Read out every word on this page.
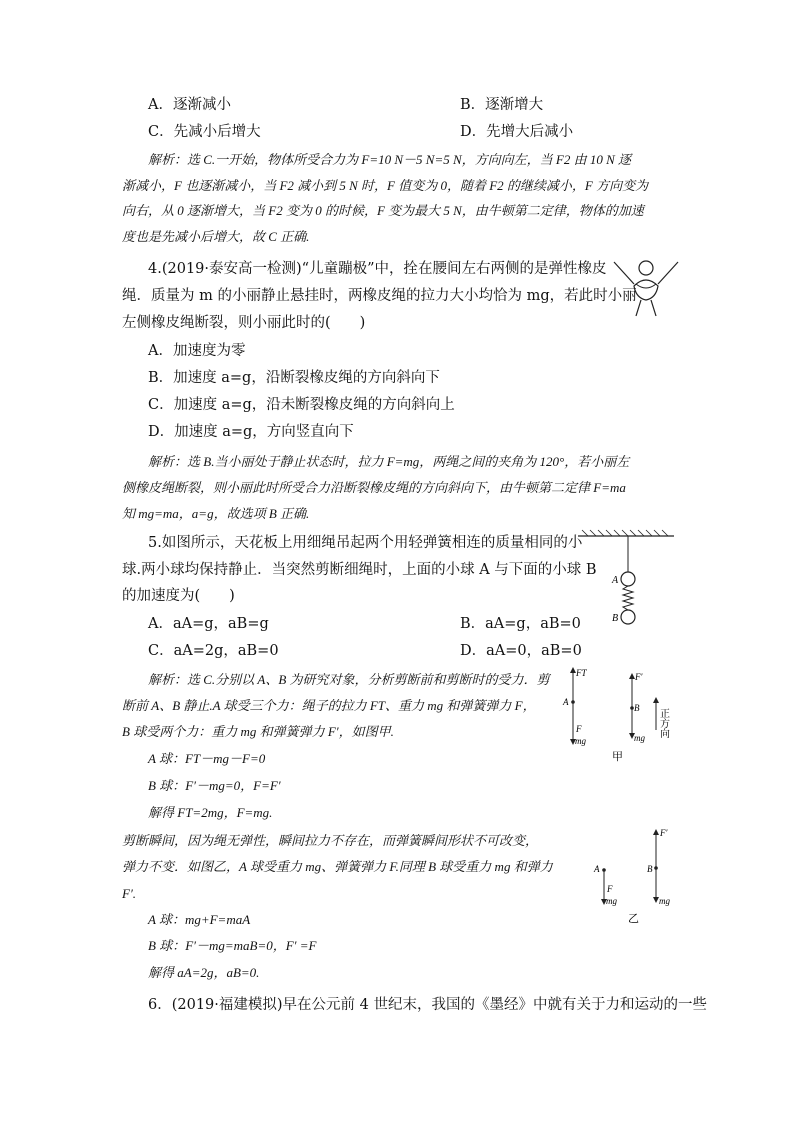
A．逐渐减小	B．逐渐增大
C．先减小后增大	D．先增大后减小
解析：选 C.一开始，物体所受合力为 F=10 N－5 N=5 N，方向向左，当 F2 由 10 N 逐
渐减小，F 也逐渐减小，当 F2 减小到 5 N 时，F 值变为 0，随着 F2 的继续减小，F 方向变为
向右，从 0 逐渐增大，当 F2 变为 0 的时候，F 变为最大 5 N，由牛顿第二定律，物体的加速
度也是先减小后增大，故 C 正确.
4.(2019·泰安高一检测)“儿童蹦极”中，拴在腰间左右两侧的是弹性橡皮
绳．质量为 m 的小丽静止悬挂时，两橡皮绳的拉力大小均恰为 mg，若此时小丽
左侧橡皮绳断裂，则小丽此时的(　　)
A．加速度为零
B．加速度 a=g，沿断裂橡皮绳的方向斜向下
C．加速度 a=g，沿未断裂橡皮绳的方向斜向上
D．加速度 a=g，方向竖直向下
解析：选 B.当小丽处于静止状态时，拉力 F=mg，两绳之间的夹角为 120°，若小丽左
侧橡皮绳断裂，则小丽此时所受合力沿断裂橡皮绳的方向斜向下，由牛顿第二定律 F=ma
知 mg=ma，a=g，故选项 B 正确.
5.如图所示，天花板上用细绳吊起两个用轻弹簧相连的质量相同的小
球.两小球均保持静止．当突然剪断细绳时，上面的小球 A 与下面的小球 B
的加速度为(　　)
A
B
A．aA=g，aB=g	B．aA=g，aB=0
C．aA=2g，aB=0	D．aA=0，aB=0
解析：选 C.分别以 A、B 为研究对象，分析剪断前和剪断时的受力．剪
断前 A、B 静止.A 球受三个力：绳子的拉力 FT、重力 mg 和弹簧弹力 F，
B 球受两个力：重力 mg 和弹簧弹力 F′，如图甲.
A 球：FT－mg－F=0
B 球：F′－mg=0，F=F′
解得 FT=2mg，F=mg.
剪断瞬间，因为绳无弹性，瞬间拉力不存在，而弹簧瞬间形状不可改变，
弹力不变．如图乙，A 球受重力 mg、弹簧弹力 F.同理 B 球受重力 mg 和弹力
F′.
A 球：mg+F=maA
B 球：F′－mg=maB=0，F′ =F
解得 aA=2g，aB=0.
FT
A
F
mg
F′
B
mg 正方向
甲
A
F
mg
F′
B
mg
乙
6．(2019·福建模拟)早在公元前 4 世纪末，我国的《墨经》中就有关于力和运动的一些
